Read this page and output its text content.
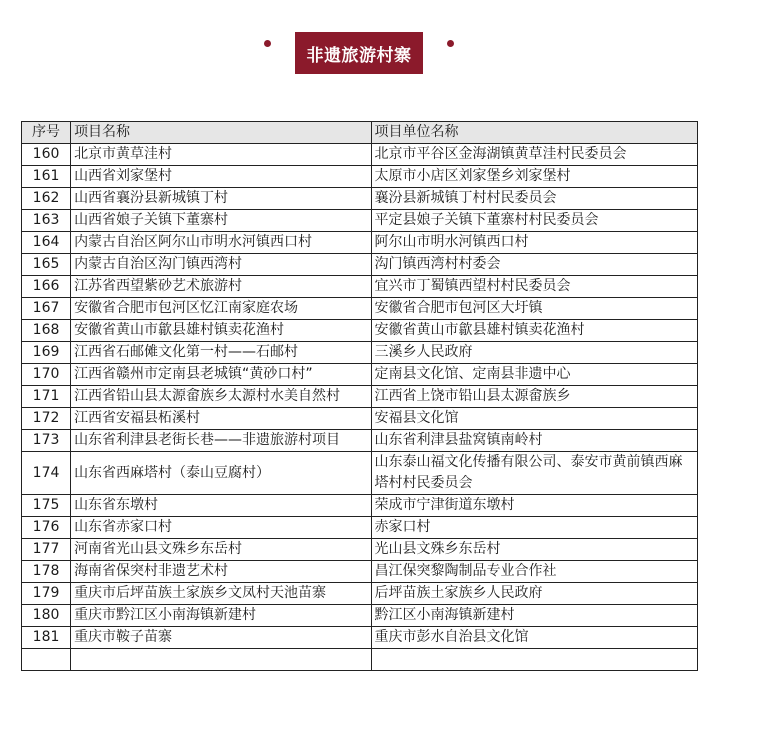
非遗旅游村寨
序号	项目名称	项目单位名称
160	北京市黄草洼村	北京市平谷区金海湖镇黄草洼村民委员会
161	山西省刘家堡村	太原市小店区刘家堡乡刘家堡村
162	山西省襄汾县新城镇丁村	襄汾县新城镇丁村村民委员会
163	山西省娘子关镇下董寨村	平定县娘子关镇下董寨村村民委员会
164	内蒙古自治区阿尔山市明水河镇西口村	阿尔山市明水河镇西口村
165	内蒙古自治区沟门镇西湾村	沟门镇西湾村村委会
166	江苏省西望紫砂艺术旅游村	宜兴市丁蜀镇西望村村民委员会
167	安徽省合肥市包河区忆江南家庭农场	安徽省合肥市包河区大圩镇
168	安徽省黄山市歙县雄村镇卖花渔村	安徽省黄山市歙县雄村镇卖花渔村
169	江西省石邮傩文化第一村——石邮村	三溪乡人民政府
170	江西省赣州市定南县老城镇“黄砂口村”	定南县文化馆、定南县非遗中心
171	江西省铅山县太源畲族乡太源村水美自然村	江西省上饶市铅山县太源畲族乡
172	江西省安福县柘溪村	安福县文化馆
173	山东省利津县老街长巷——非遗旅游村项目	山东省利津县盐窝镇南岭村
174	山东省西麻塔村（泰山豆腐村）	山东泰山福文化传播有限公司、泰安市黄前镇西麻塔村村民委员会
175	山东省东墩村	荣成市宁津街道东墩村
176	山东省赤家口村	赤家口村
177	河南省光山县文殊乡东岳村	光山县文殊乡东岳村
178	海南省保突村非遗艺术村	昌江保突黎陶制品专业合作社
179	重庆市后坪苗族土家族乡文凤村天池苗寨	后坪苗族土家族乡人民政府
180	重庆市黔江区小南海镇新建村	黔江区小南海镇新建村
181	重庆市鞍子苗寨	重庆市彭水自治县文化馆
